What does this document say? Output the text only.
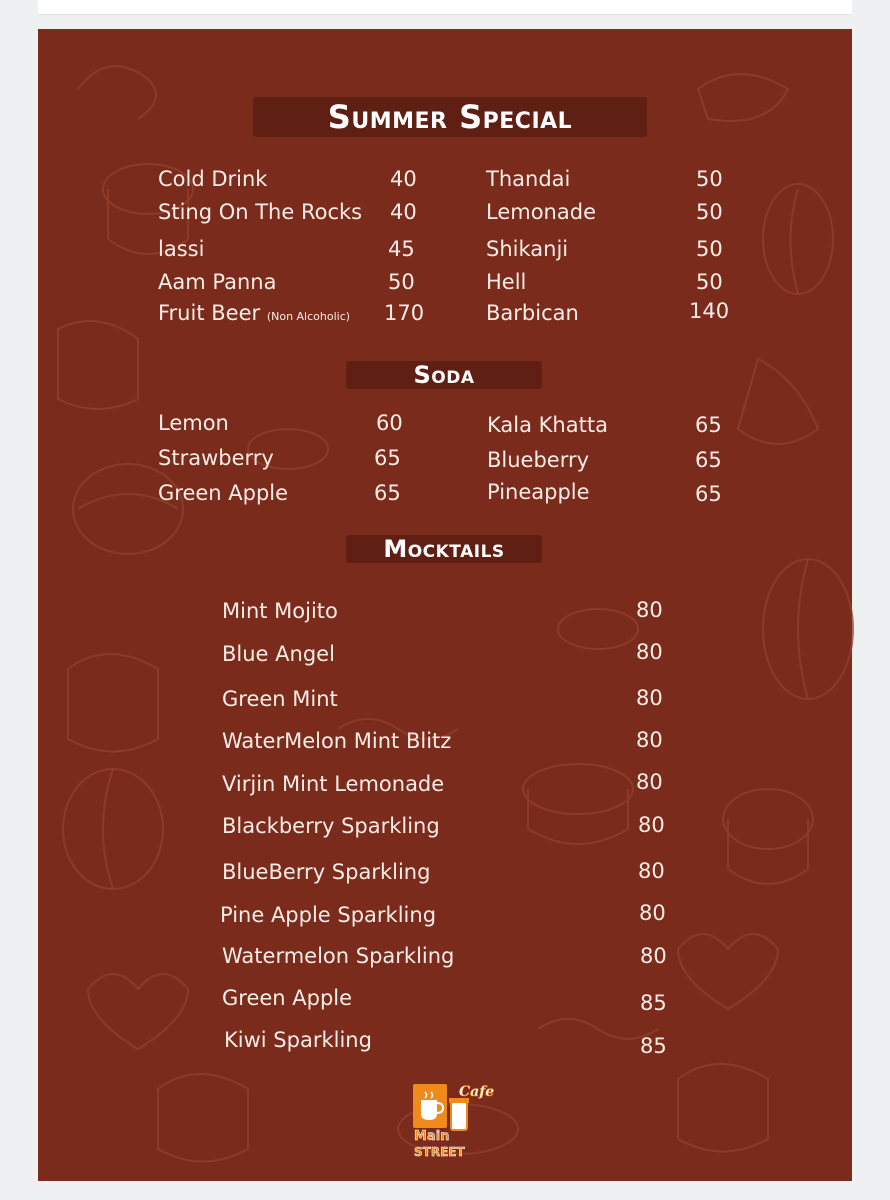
Summer Special
Cold Drink	40
Sting On The Rocks 40
lassi	45
Aam Panna	50
Fruit Beer (Non Alcoholic) 170
Thandai	50
Lemonade	50
Shikanji	50
Hell	50
Barbican	140
Soda
Lemon	60
Strawberry	65
Green Apple	65
Kala Khatta	65
Blueberry	65
Pineapple	65
Mocktails
Mint Mojito	80
Blue Angel	80
Green Mint	80
WaterMelon Mint Blitz	80
Virjin Mint Lemonade	80
Blackberry Sparkling	80
BlueBerry Sparkling	80
Pine Apple Sparkling	80
Watermelon Sparkling	80
Green Apple	85
Kiwi Sparkling	85
Cafe
Main
STREET
